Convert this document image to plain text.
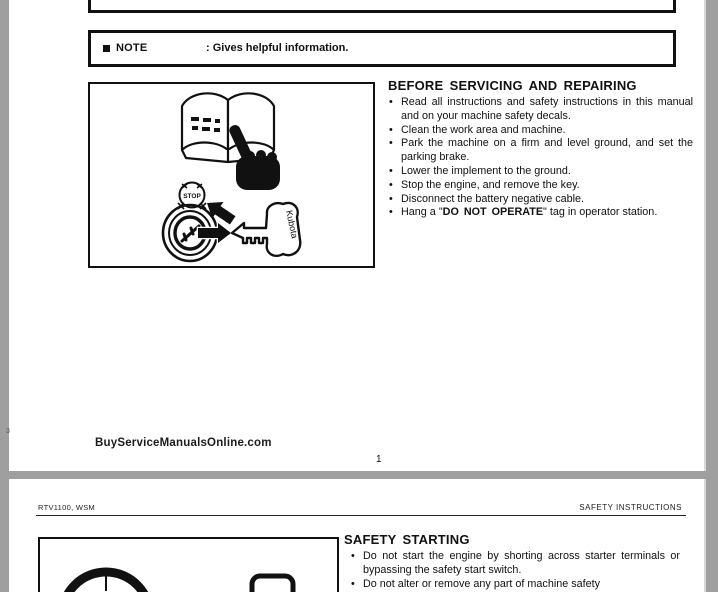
NOTE	: Gives helpful information.
STOP
Kubota
BEFORE SERVICING AND REPAIRING
• Read all instructions and safety instructions in this manual and on your machine safety decals.
• Clean the work area and machine.
• Park the machine on a firm and level ground, and set the parking brake.
• Lower the implement to the ground.
• Stop the engine, and remove the key.
• Disconnect the battery negative cable.
• Hang a "DO NOT OPERATE" tag in operator station.
BuyServiceManualsOnline.com
1
3
RTV1100, WSM	SAFETY INSTRUCTIONS
SAFETY STARTING
• Do not start the engine by shorting across starter terminals or bypassing the safety start switch.
• Do not alter or remove any part of machine safety
